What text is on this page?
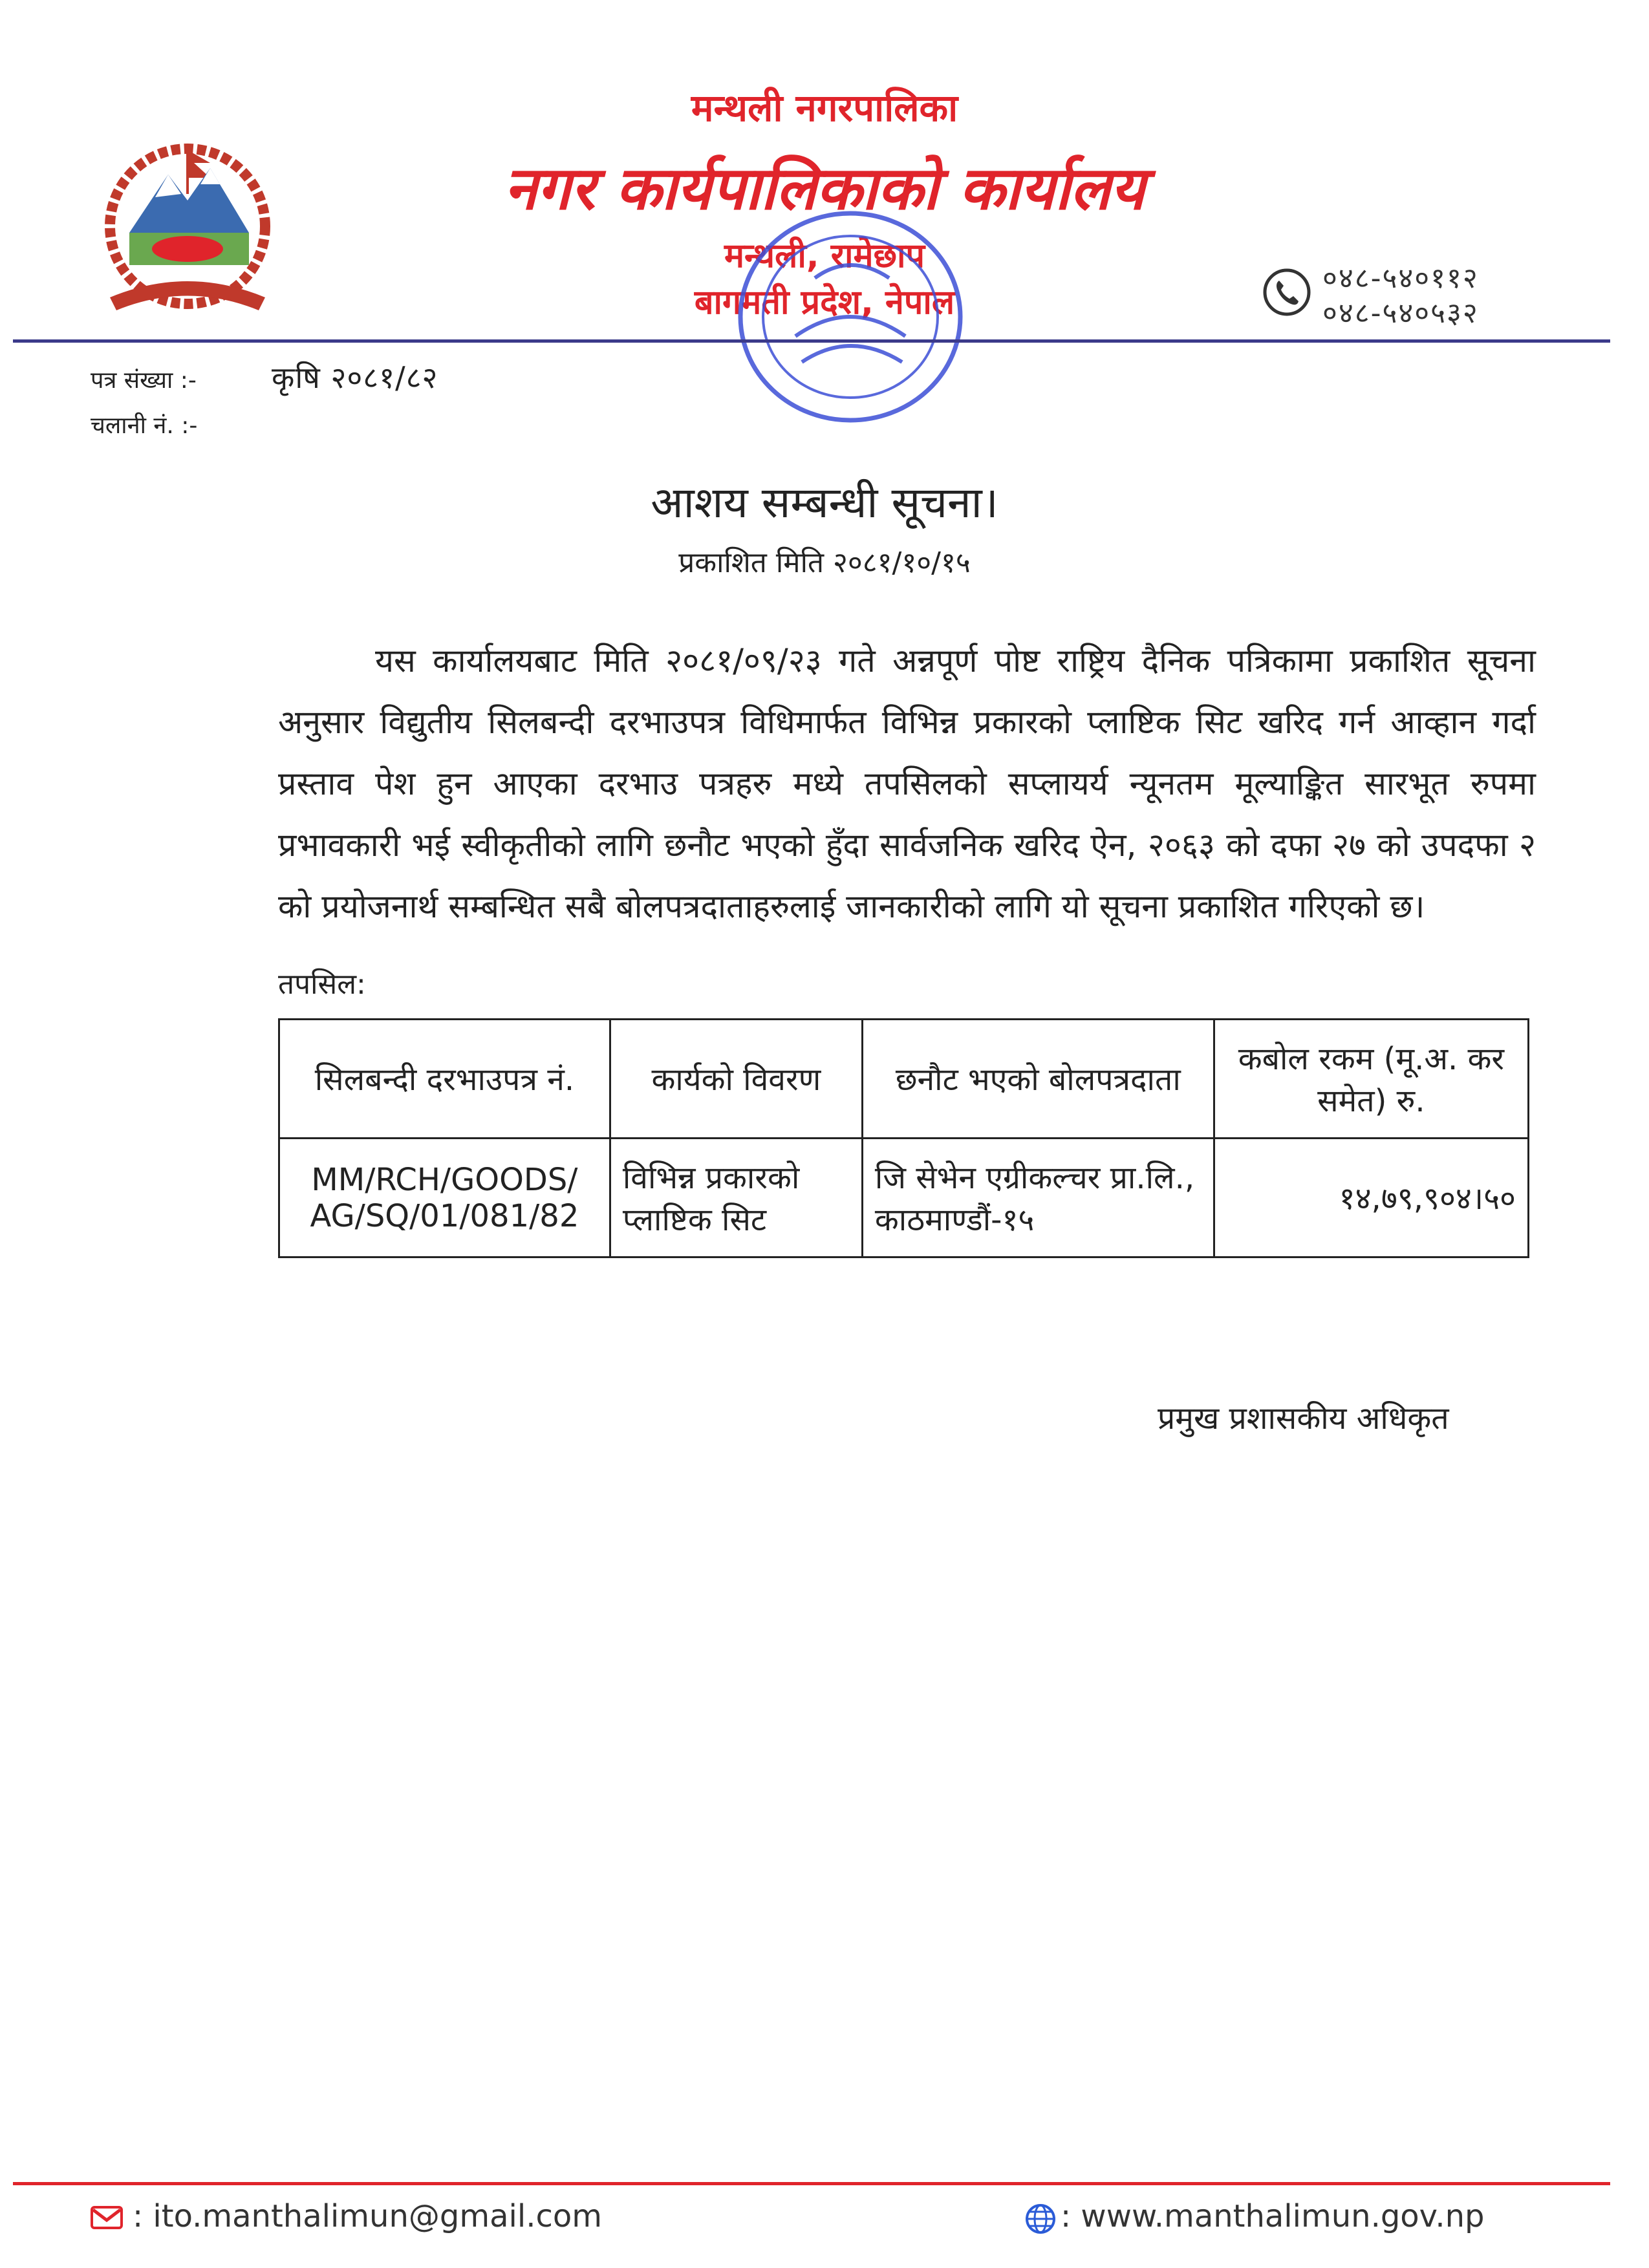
मन्थली नगरपालिका
नगर कार्यपालिकाको कार्यालय
मन्थली, रामेछाप
बागमती प्रदेश, नेपाल
०४८-५४०११२
०४८-५४०५३२
पत्र संख्या :-	कृषि २०८१/८२
चलानी नं. :-
आशय सम्बन्धी सूचना।
प्रकाशित मिति २०८१/१०/१५
यस कार्यालयबाट मिति २०८१/०९/२३ गते अन्नपूर्ण पोष्ट राष्ट्रिय दैनिक पत्रिकामा प्रकाशित सूचना अनुसार विद्युतीय सिलबन्दी दरभाउपत्र विधिमार्फत विभिन्न प्रकारको प्लाष्टिक सिट खरिद गर्न आव्हान गर्दा प्रस्ताव पेश हुन आएका दरभाउ पत्रहरु मध्ये तपसिलको सप्लायर्य न्यूनतम मूल्याङ्कित सारभूत रुपमा प्रभावकारी भई स्वीकृतीको लागि छनौट भएको हुँदा सार्वजनिक खरिद ऐन, २०६३ को दफा २७ को उपदफा २ को प्रयोजनार्थ सम्बन्धित सबै बोलपत्रदाताहरुलाई जानकारीको लागि यो सूचना प्रकाशित गरिएको छ।
तपसिल:
सिलबन्दी दरभाउपत्र नं.	कार्यको विवरण	छनौट भएको बोलपत्रदाता	कबोल रकम (मू.अ. कर समेत) रु.
MM/RCH/GOODS/ AG/SQ/01/081/82	विभिन्न प्रकारको प्लाष्टिक सिट	जि सेभेन एग्रीकल्चर प्रा.लि., काठमाण्डौं-१५	१४,७९,९०४।५०
प्रमुख प्रशासकीय अधिकृत
: ito.manthalimun@gmail.com	: www.manthalimun.gov.np
